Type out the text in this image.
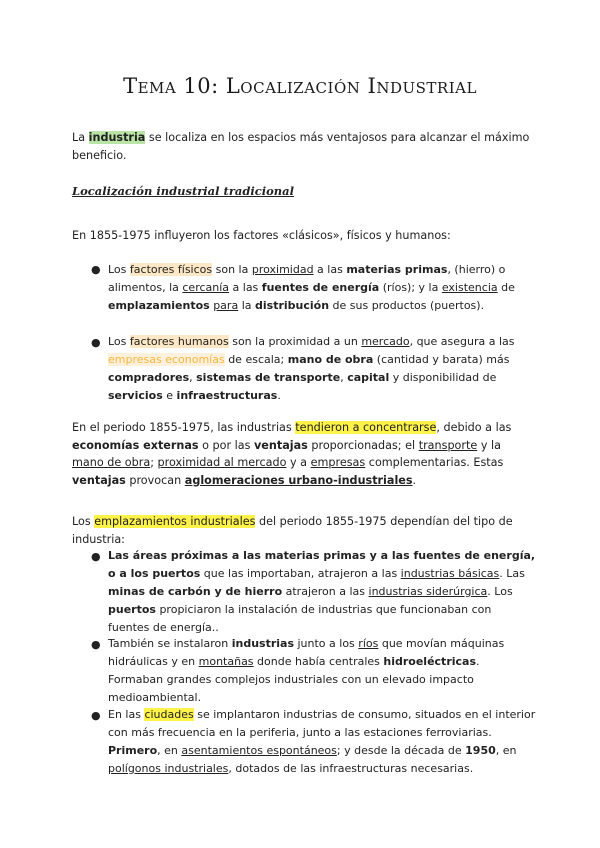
Tema 10: Localización Industrial
La industria se localiza en los espacios más ventajosos para alcanzar el máximo beneficio.
Localización industrial tradicional
En 1855-1975 influyeron los factores «clásicos», físicos y humanos:
● Los factores físicos son la proximidad a las materias primas, (hierro) o alimentos, la cercanía a las fuentes de energía (ríos); y la existencia de emplazamientos para la distribución de sus productos (puertos).
● Los factores humanos son la proximidad a un mercado, que asegura a las empresas economías de escala; mano de obra (cantidad y barata) más compradores, sistemas de transporte, capital y disponibilidad de servicios e infraestructuras.
En el periodo 1855-1975, las industrias tendieron a concentrarse, debido a las economías externas o por las ventajas proporcionadas; el transporte y la mano de obra; proximidad al mercado y a empresas complementarias. Estas ventajas provocan aglomeraciones urbano-industriales.
Los emplazamientos industriales del periodo 1855-1975 dependían del tipo de industria:
● Las áreas próximas a las materias primas y a las fuentes de energía, o a los puertos que las importaban, atrajeron a las industrias básicas. Las minas de carbón y de hierro atrajeron a las industrias siderúrgica. Los puertos propiciaron la instalación de industrias que funcionaban con fuentes de energía..
● También se instalaron industrias junto a los ríos que movían máquinas hidráulicas y en montañas donde había centrales hidroeléctricas. Formaban grandes complejos industriales con un elevado impacto medioambiental.
● En las ciudades se implantaron industrias de consumo, situados en el interior con más frecuencia en la periferia, junto a las estaciones ferroviarias. Primero, en asentamientos espontáneos; y desde la década de 1950, en polígonos industriales, dotados de las infraestructuras necesarias.
